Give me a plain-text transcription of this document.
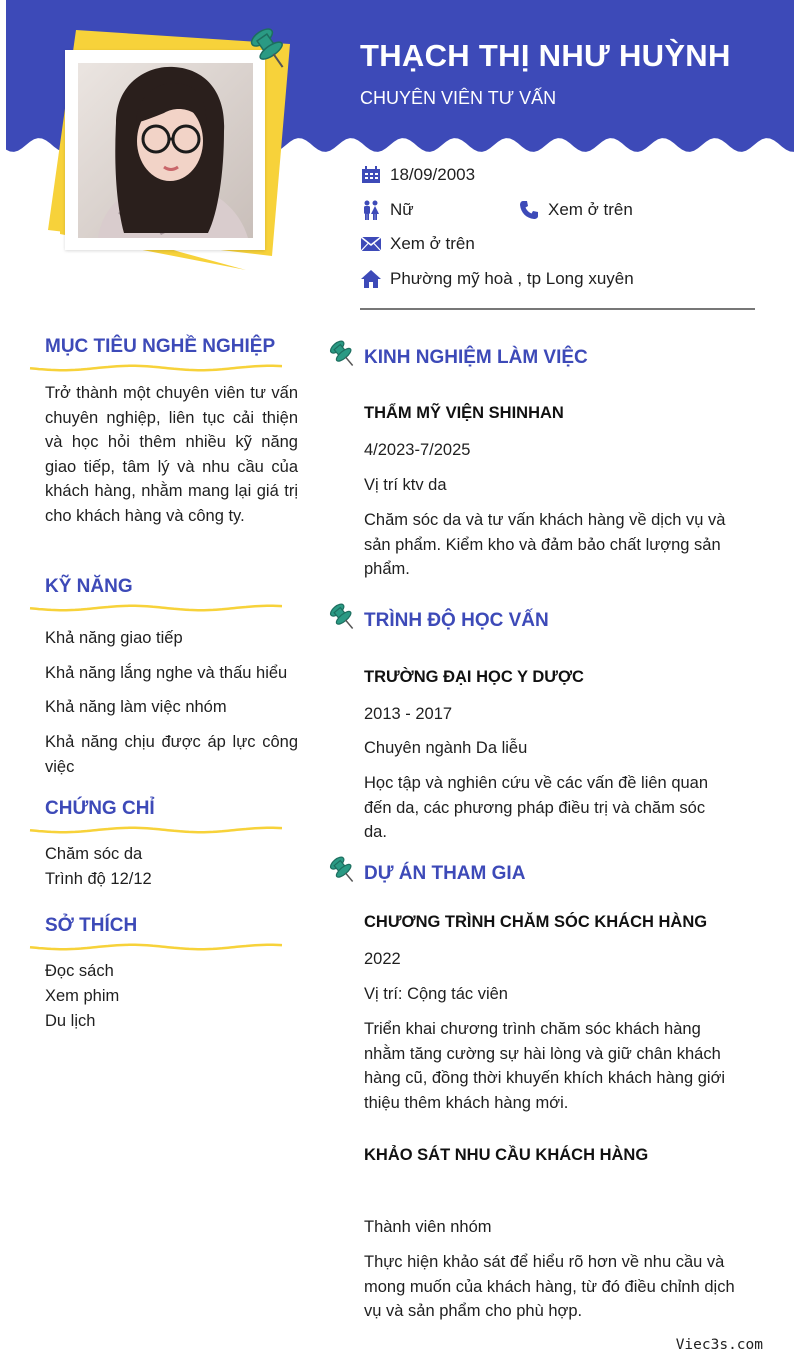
THẠCH THỊ NHƯ HUỲNH
CHUYÊN VIÊN TƯ VẤN
18/09/2003
Nữ	Xem ở trên
Xem ở trên
Phường mỹ hoà , tp Long xuyên
MỤC TIÊU NGHỀ NGHIỆP
Trở thành một chuyên viên tư vấn chuyên nghiệp, liên tục cải thiện và học hỏi thêm nhiều kỹ năng giao tiếp, tâm lý và nhu cầu của khách hàng, nhằm mang lại giá trị cho khách hàng và công ty.
KỸ NĂNG
Khả năng giao tiếp
Khả năng lắng nghe và thấu hiểu
Khả năng làm việc nhóm
Khả năng chịu được áp lực công việc
CHỨNG CHỈ
Chăm sóc da
Trình độ 12/12
SỞ THÍCH
Đọc sách
Xem phim
Du lịch
KINH NGHIỆM LÀM VIỆC
THẨM MỸ VIỆN SHINHAN
4/2023-7/2025
Vị trí ktv da
Chăm sóc da và tư vấn khách hàng về dịch vụ và sản phẩm. Kiểm kho và đảm bảo chất lượng sản phẩm.
TRÌNH ĐỘ HỌC VẤN
TRƯỜNG ĐẠI HỌC Y DƯỢC
2013 - 2017
Chuyên ngành Da liễu
Học tập và nghiên cứu về các vấn đề liên quan đến da, các phương pháp điều trị và chăm sóc da.
DỰ ÁN THAM GIA
CHƯƠNG TRÌNH CHĂM SÓC KHÁCH HÀNG
2022
Vị trí: Cộng tác viên
Triển khai chương trình chăm sóc khách hàng nhằm tăng cường sự hài lòng và giữ chân khách hàng cũ, đồng thời khuyến khích khách hàng giới thiệu thêm khách hàng mới.
KHẢO SÁT NHU CẦU KHÁCH HÀNG
Thành viên nhóm
Thực hiện khảo sát để hiểu rõ hơn về nhu cầu và mong muốn của khách hàng, từ đó điều chỉnh dịch vụ và sản phẩm cho phù hợp.
Viec3s.com
